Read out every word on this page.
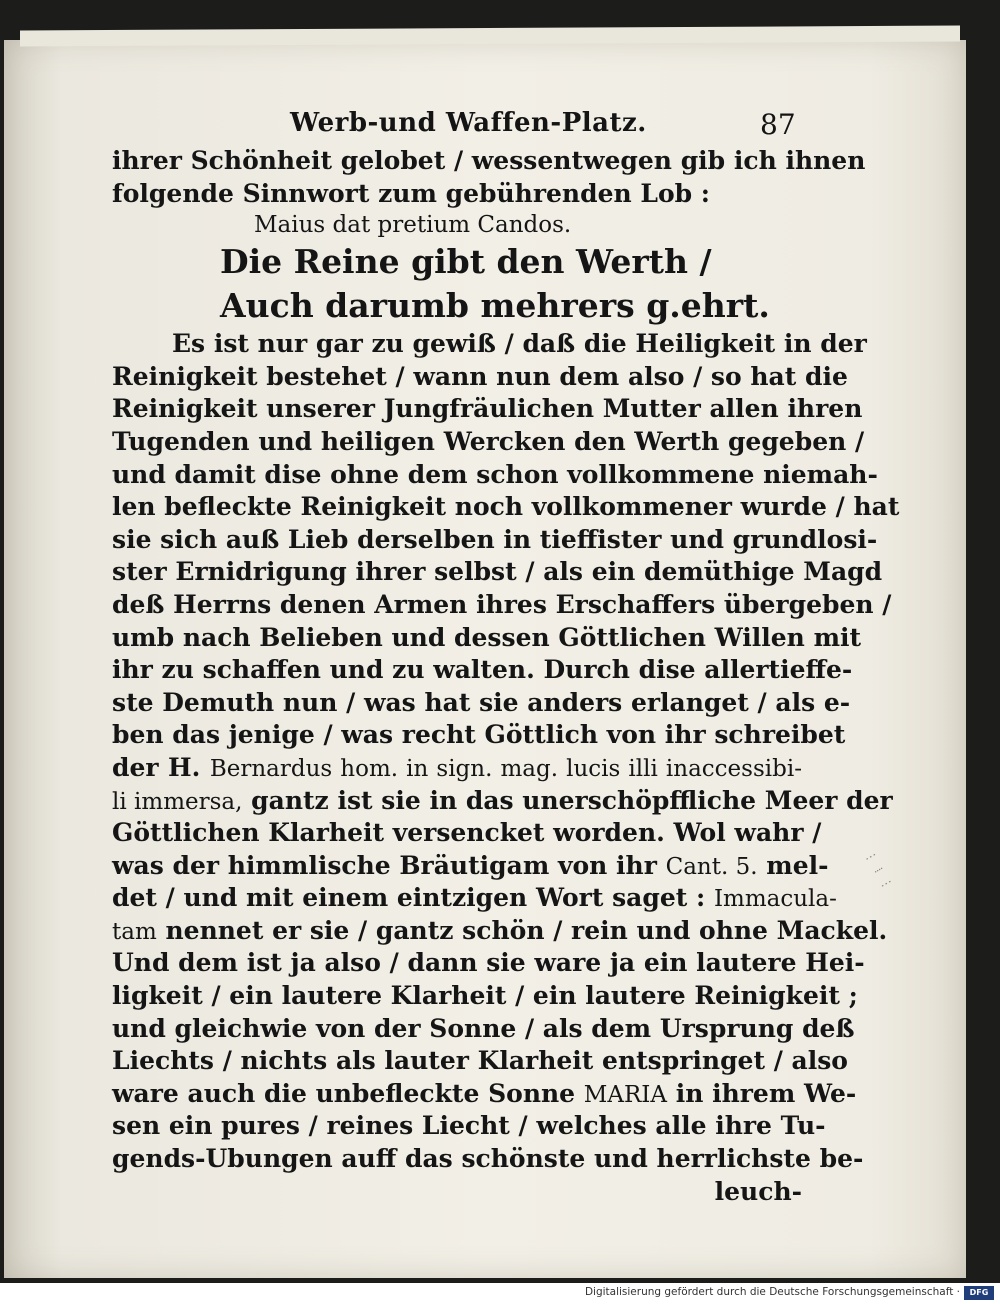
Werb-und Waffen-Platz.	87
ihrer Schönheit gelobet / wessentwegen gib ich ihnen
folgende Sinnwort zum gebührenden Lob :
Maius dat pretium Candos.
Die Reine gibt den Werth /
Auch darumb mehrers g.ehrt.
Es ist nur gar zu gewiß / daß die Heiligkeit in der
Reinigkeit bestehet / wann nun dem also / so hat die
Reinigkeit unserer Jungfräulichen Mutter allen ihren
Tugenden und heiligen Wercken den Werth gegeben /
und damit dise ohne dem schon vollkommene niemah-
len befleckte Reinigkeit noch vollkommener wurde / hat
sie sich auß Lieb derselben in tieffister und grundlosi-
ster Ernidrigung ihrer selbst / als ein demüthige Magd
deß Herrns denen Armen ihres Erschaffers übergeben /
umb nach Belieben und dessen Göttlichen Willen mit
ihr zu schaffen und zu walten. Durch dise allertieffe-
ste Demuth nun / was hat sie anders erlanget / als e-
ben das jenige / was recht Göttlich von ihr schreibet
der H. Bernardus hom. in sign. mag. lucis illi inaccessibi-
li immersa, gantz ist sie in das unerschöpffliche Meer der
Göttlichen Klarheit versencket worden. Wol wahr /
was der himmlische Bräutigam von ihr Cant. 5. mel-
det / und mit einem eintzigen Wort saget : Immacula-
tam nennet er sie / gantz schön / rein und ohne Mackel.
Und dem ist ja also / dann sie ware ja ein lautere Hei-
ligkeit / ein lautere Klarheit / ein lautere Reinigkeit ;
und gleichwie von der Sonne / als dem Ursprung deß
Liechts / nichts als lauter Klarheit entspringet / also
ware auch die unbefleckte Sonne MARIA in ihrem We-
sen ein pures / reines Liecht / welches alle ihre Tu-
gends-Ubungen auff das schönste und herrlichste be-
leuch-
⋮ ⁞ ⋮
Digitalisierung gefördert durch die Deutsche Forschungsgemeinschaft ·	DFG
